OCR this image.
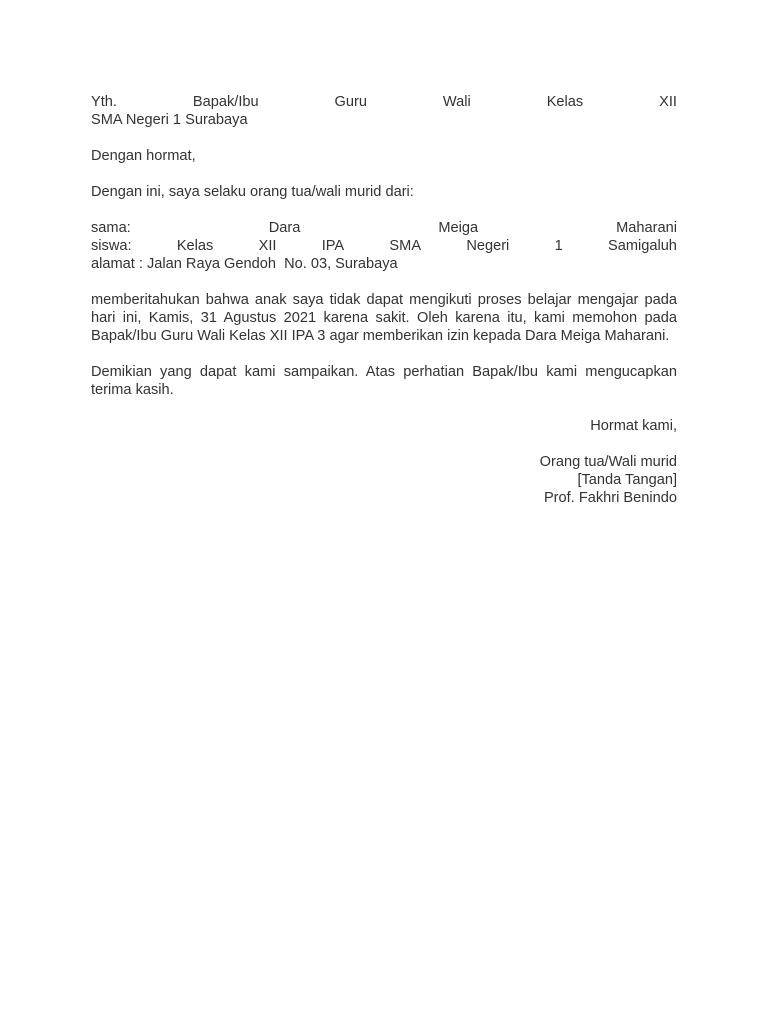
Yth.	Bapak/Ibu	Guru	Wali	Kelas	XII
SMA Negeri 1 Surabaya
Dengan hormat,
Dengan ini, saya selaku orang tua/wali murid dari:
sama:	Dara	Meiga	Maharani
siswa:	Kelas	XII	IPA	SMA	Negeri	1	Samigaluh
alamat : Jalan Raya Gendoh  No. 03, Surabaya

memberitahukan bahwa anak saya tidak dapat mengikuti proses belajar mengajar pada hari ini, Kamis, 31 Agustus 2021 karena sakit. Oleh karena itu, kami memohon pada Bapak/Ibu Guru Wali Kelas XII IPA 3 agar memberikan izin kepada Dara Meiga Maharani.

Demikian yang dapat kami sampaikan. Atas perhatian Bapak/Ibu kami mengucapkan terima kasih.

Hormat kami,
Orang tua/Wali murid
[Tanda Tangan]
Prof. Fakhri Benindo
